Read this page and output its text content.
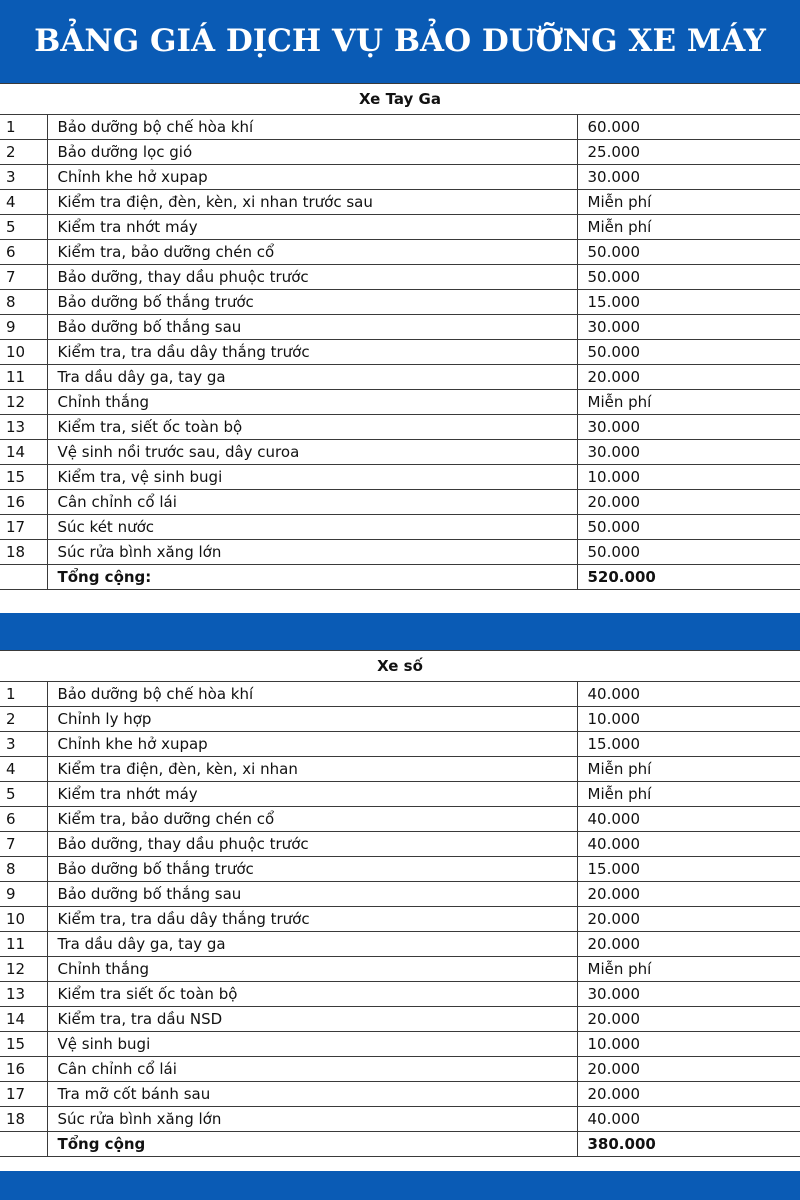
BẢNG GIÁ DỊCH VỤ BẢO DƯỠNG XE MÁY
Xe Tay Ga
1	Bảo dưỡng bộ chế hòa khí	60.000
2	Bảo dưỡng lọc gió	25.000
3	Chỉnh khe hở xupap	30.000
4	Kiểm tra điện, đèn, kèn, xi nhan trước sau	Miễn phí
5	Kiểm tra nhớt máy	Miễn phí
6	Kiểm tra, bảo dưỡng chén cổ	50.000
7	Bảo dưỡng, thay dầu phuộc trước	50.000
8	Bảo dưỡng bố thắng trước	15.000
9	Bảo dưỡng bố thắng sau	30.000
10	Kiểm tra, tra dầu dây thắng trước	50.000
11	Tra dầu dây ga, tay ga	20.000
12	Chỉnh thắng	Miễn phí
13	Kiểm tra, siết ốc toàn bộ	30.000
14	Vệ sinh nồi trước sau, dây curoa	30.000
15	Kiểm tra, vệ sinh bugi	10.000
16	Cân chỉnh cổ lái	20.000
17	Súc két nước	50.000
18	Súc rửa bình xăng lớn	50.000
	Tổng cộng:	520.000
Xe số
1	Bảo dưỡng bộ chế hòa khí	40.000
2	Chỉnh ly hợp	10.000
3	Chỉnh khe hở xupap	15.000
4	Kiểm tra điện, đèn, kèn, xi nhan	Miễn phí
5	Kiểm tra nhớt máy	Miễn phí
6	Kiểm tra, bảo dưỡng chén cổ	40.000
7	Bảo dưỡng, thay dầu phuộc trước	40.000
8	Bảo dưỡng bố thắng trước	15.000
9	Bảo dưỡng bố thắng sau	20.000
10	Kiểm tra, tra dầu dây thắng trước	20.000
11	Tra dầu dây ga, tay ga	20.000
12	Chỉnh thắng	Miễn phí
13	Kiểm tra siết ốc toàn bộ	30.000
14	Kiểm tra, tra dầu NSD	20.000
15	Vệ sinh bugi	10.000
16	Cân chỉnh cổ lái	20.000
17	Tra mỡ cốt bánh sau	20.000
18	Súc rửa bình xăng lớn	40.000
	Tổng cộng	380.000
